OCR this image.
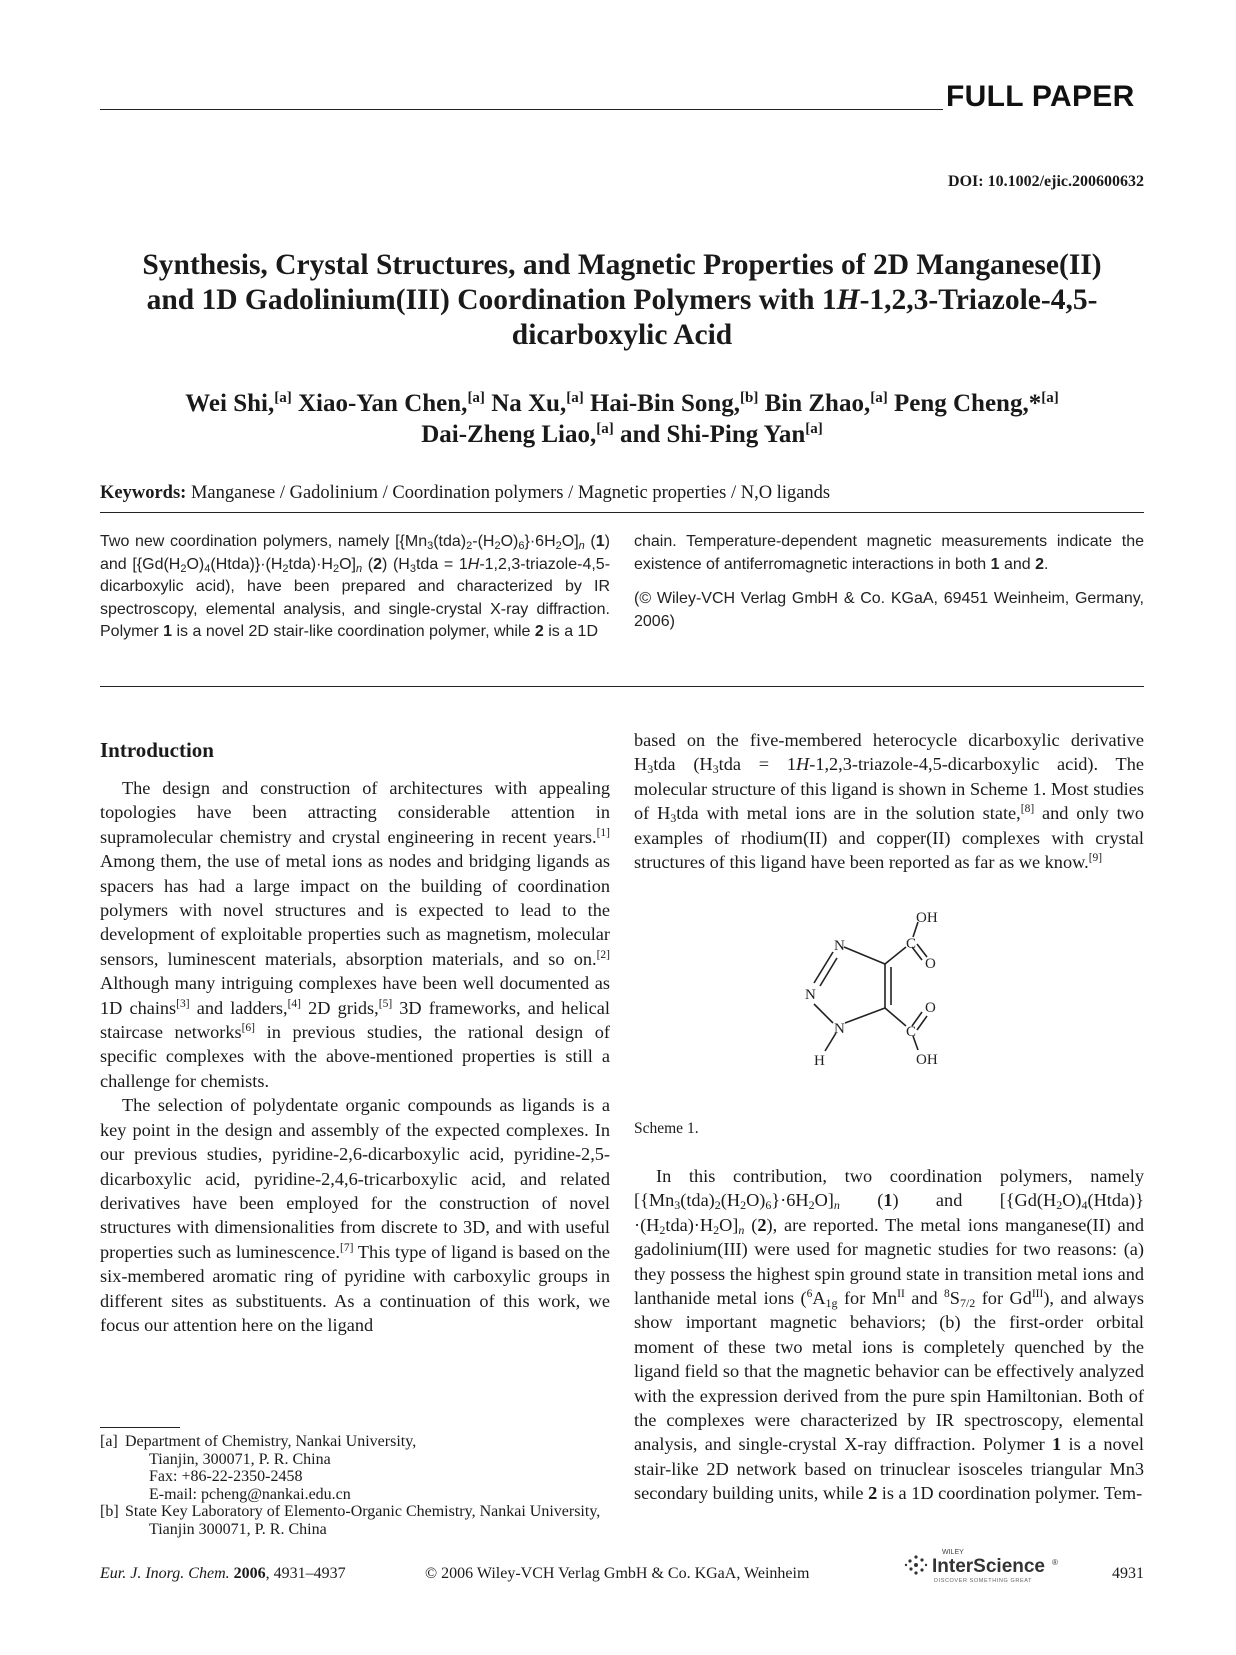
FULL PAPER
DOI: 10.1002/ejic.200600632
Synthesis, Crystal Structures, and Magnetic Properties of 2D Manganese(II)
and 1D Gadolinium(III) Coordination Polymers with 1H-1,2,3-Triazole-4,5-
dicarboxylic Acid
Wei Shi,[a] Xiao-Yan Chen,[a] Na Xu,[a] Hai-Bin Song,[b] Bin Zhao,[a] Peng Cheng,*[a]
Dai-Zheng Liao,[a] and Shi-Ping Yan[a]
Keywords: Manganese / Gadolinium / Coordination polymers / Magnetic properties / N,O ligands

Two new coordination polymers, namely $[\{Mn_3(tda)_2-(H_2O)_6\}\cdot 6H_2O]_n$ (1) and $[\{Gd(H_2O)_4(Htda)\}\cdot(H_2tda)\cdot H_2O]_n$ (2) ($H_3tda$ = 1H-1,2,3-triazole-4,5-dicarboxylic acid), have been prepared and characterized by IR spectroscopy, elemental analysis, and single-crystal X-ray diffraction. Polymer 1 is a novel 2D stair-like coordination polymer, while 2 is a 1D

chain. Temperature-dependent magnetic measurements indicate the existence of antiferromagnetic interactions in both 1 and 2.

(© Wiley-VCH Verlag GmbH & Co. KGaA, 69451 Weinheim, Germany, 2006)

Introduction

The design and construction of architectures with appealing topologies have been attracting considerable attention in supramolecular chemistry and crystal engineering in recent years.[1] Among them, the use of metal ions as nodes and bridging ligands as spacers has had a large impact on the building of coordination polymers with novel structures and is expected to lead to the development of exploitable properties such as magnetism, molecular sensors, luminescent materials, absorption materials, and so on.[2] Although many intriguing complexes have been well documented as 1D chains[3] and ladders,[4] 2D grids,[5] 3D frameworks, and helical staircase networks[6] in previous studies, the rational design of specific complexes with the above-mentioned properties is still a challenge for chemists.

The selection of polydentate organic compounds as ligands is a key point in the design and assembly of the expected complexes. In our previous studies, pyridine-2,6-dicarboxylic acid, pyridine-2,5-dicarboxylic acid, pyridine-2,4,6-tricarboxylic acid, and related derivatives have been employed for the construction of novel structures with dimensionalities from discrete to 3D, and with useful properties such as luminescence.[7] This type of ligand is based on the six-membered aromatic ring of pyridine with carboxylic groups in different sites as substituents. As a continuation of this work, we focus our attention here on the ligand

based on the five-membered heterocycle dicarboxylic derivative $H_3tda$ ($H_3tda$ = 1H-1,2,3-triazole-4,5-dicarboxylic acid). The molecular structure of this ligand is shown in Scheme 1. Most studies of $H_3tda$ with metal ions are in the solution state,[8] and only two examples of rhodium(II) and copper(II) complexes with crystal structures of this ligand have been reported as far as we know.[9]

N
N
N
H
C
C
O
O
OH
OH
Scheme 1.

In this contribution, two coordination polymers, namely $[\{Mn_3(tda)_2(H_2O)_6\}\cdot 6H_2O]_n$ (1) and $[\{Gd(H_2O)_4(Htda)\}\cdot(H_2tda)\cdot H_2O]_n$ (2), are reported. The metal ions manganese(II) and gadolinium(III) were used for magnetic studies for two reasons: (a) they possess the highest spin ground state in transition metal ions and lanthanide metal ions ($^6A_{1g}$ for $Mn^{II}$ and $^8S_{7/2}$ for $Gd^{III}$), and always show important magnetic behaviors; (b) the first-order orbital moment of these two metal ions is completely quenched by the ligand field so that the magnetic behavior can be effectively analyzed with the expression derived from the pure spin Hamiltonian. Both of the complexes were characterized by IR spectroscopy, elemental analysis, and single-crystal X-ray diffraction. Polymer 1 is a novel stair-like 2D network based on trinuclear isosceles triangular Mn3 secondary building units, while 2 is a 1D coordination polymer. Tem-

[a] Department of Chemistry, Nankai University,
Tianjin, 300071, P. R. China
Fax: +86-22-2350-2458
E-mail: pcheng@nankai.edu.cn
[b] State Key Laboratory of Elemento-Organic Chemistry, Nankai University,
Tianjin 300071, P. R. China
Eur. J. Inorg. Chem. 2006, 4931–4937	© 2006 Wiley-VCH Verlag GmbH & Co. KGaA, Weinheim
WILEY
InterScience ®
DISCOVER SOMETHING GREAT	4931
